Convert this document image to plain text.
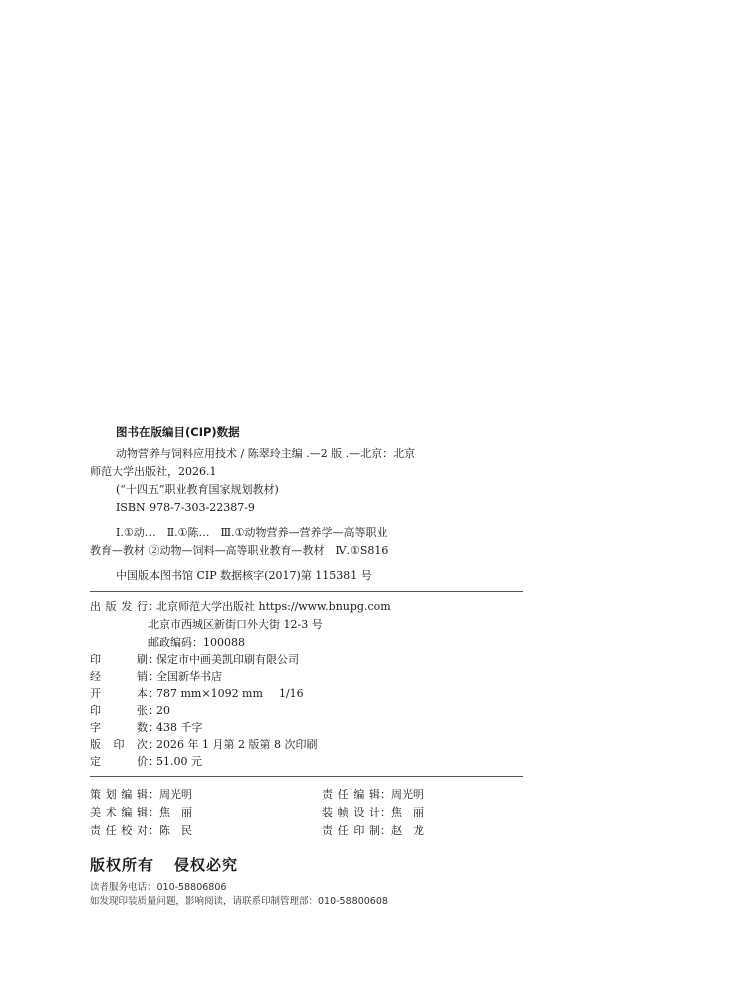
图书在版编目(CIP)数据
动物营养与饲料应用技术 / 陈翠玲主编 .—2 版 .—北京：北京
师范大学出版社，2026.1
(“十四五”职业教育国家规划教材)
ISBN 978-7-303-22387-9
Ⅰ.①动…　Ⅱ.①陈…　Ⅲ.①动物营养—营养学—高等职业
教育—教材 ②动物—饲料—高等职业教育—教材　Ⅳ.①S816
中国版本图书馆 CIP 数据核字(2017)第 115381 号
出版发行：北京师范大学出版社 https://www.bnupg.com
北京市西城区新街口外大街 12-3 号
邮政编码：100088
印　　刷：保定市中画美凯印刷有限公司
经　　销：全国新华书店
开　　本：787 mm×1092 mm 1/16
印　　张：20
字　　数：438 千字
版 印 次：2026 年 1 月第 2 版第 8 次印刷
定　　价：51.00 元
策划编辑：周光明	责任编辑：周光明
美术编辑：焦　丽	装帧设计：焦　丽
责任校对：陈　民	责任印制：赵　龙
版权所有 侵权必究
读者服务电话：010-58806806
如发现印装质量问题，影响阅读，请联系印制管理部：010-58800608
